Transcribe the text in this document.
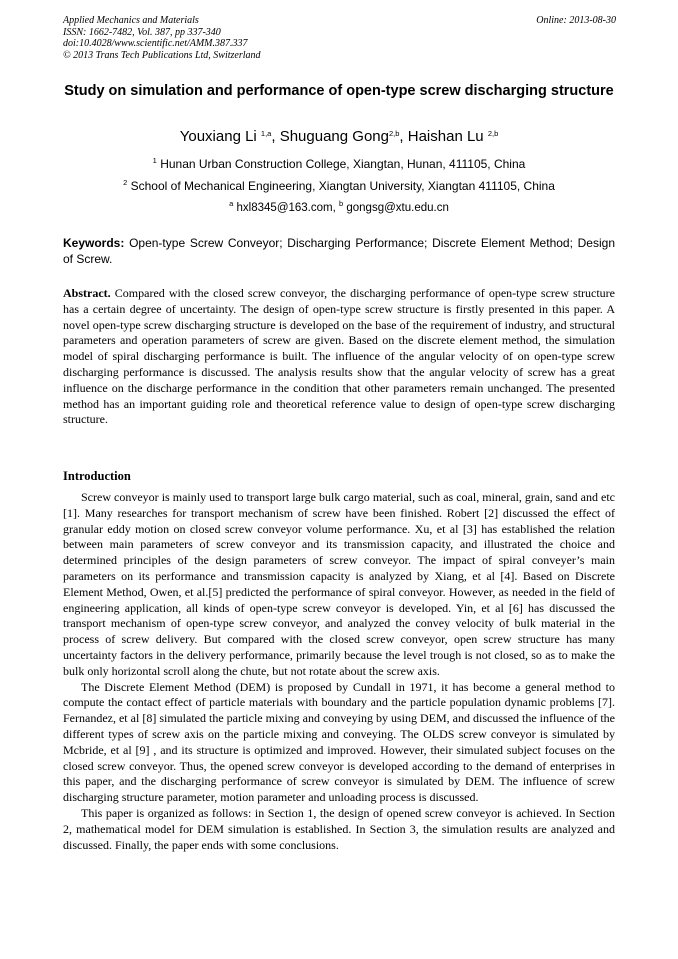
Applied Mechanics and Materials
ISSN: 1662-7482, Vol. 387, pp 337-340
doi:10.4028/www.scientific.net/AMM.387.337
© 2013 Trans Tech Publications Ltd, Switzerland
Online: 2013-08-30
Study on simulation and performance of open-type screw discharging structure
Youxiang Li $^{1,a}$, Shuguang Gong$^{2,b}$, Haishan Lu $^{2,b}$
$^1$ Hunan Urban Construction College, Xiangtan, Hunan, 411105, China
$^2$ School of Mechanical Engineering, Xiangtan University, Xiangtan 411105, China
$^a$ hxl8345@163.com, $^b$ gongsg@xtu.edu.cn
Keywords: Open-type Screw Conveyor; Discharging Performance; Discrete Element Method; Design of Screw.

Abstract. Compared with the closed screw conveyor, the discharging performance of open-type screw structure has a certain degree of uncertainty. The design of open-type screw structure is firstly presented in this paper. A novel open-type screw discharging structure is developed on the base of the requirement of industry, and structural parameters and operation parameters of screw are given. Based on the discrete element method, the simulation model of spiral discharging performance is built. The influence of the angular velocity of on open-type screw discharging performance is discussed. The analysis results show that the angular velocity of screw has a great influence on the discharge performance in the condition that other parameters remain unchanged. The presented method has an important guiding role and theoretical reference value to design of open-type screw discharging structure.

Introduction

Screw conveyor is mainly used to transport large bulk cargo material, such as coal, mineral, grain, sand and etc [1]. Many researches for transport mechanism of screw have been finished. Robert [2] discussed the effect of granular eddy motion on closed screw conveyor volume performance. Xu, et al [3] has established the relation between main parameters of screw conveyor and its transmission capacity, and illustrated the choice and determined principles of the design parameters of screw conveyor. The impact of spiral conveyer’s main parameters on its performance and transmission capacity is analyzed by Xiang, et al [4]. Based on Discrete Element Method, Owen, et al.[5] predicted the performance of spiral conveyor. However, as needed in the field of engineering application, all kinds of open-type screw conveyor is developed. Yin, et al [6] has discussed the transport mechanism of open-type screw conveyor, and analyzed the convey velocity of bulk material in the process of screw delivery. But compared with the closed screw conveyor, open screw structure has many uncertainty factors in the delivery performance, primarily because the level trough is not closed, so as to make the bulk only horizontal scroll along the chute, but not rotate about the screw axis.

The Discrete Element Method (DEM) is proposed by Cundall in 1971, it has become a general method to compute the contact effect of particle materials with boundary and the particle population dynamic problems [7]. Fernandez, et al [8] simulated the particle mixing and conveying by using DEM, and discussed the influence of the different types of screw axis on the particle mixing and conveying. The OLDS screw conveyor is simulated by Mcbride, et al [9] , and its structure is optimized and improved. However, their simulated subject focuses on the closed screw conveyor. Thus, the opened screw conveyor is developed according to the demand of enterprises in this paper, and the discharging performance of screw conveyor is simulated by DEM. The influence of screw discharging structure parameter, motion parameter and unloading process is discussed.

This paper is organized as follows: in Section 1, the design of opened screw conveyor is achieved. In Section 2, mathematical model for DEM simulation is established. In Section 3, the simulation results are analyzed and discussed. Finally, the paper ends with some conclusions.
